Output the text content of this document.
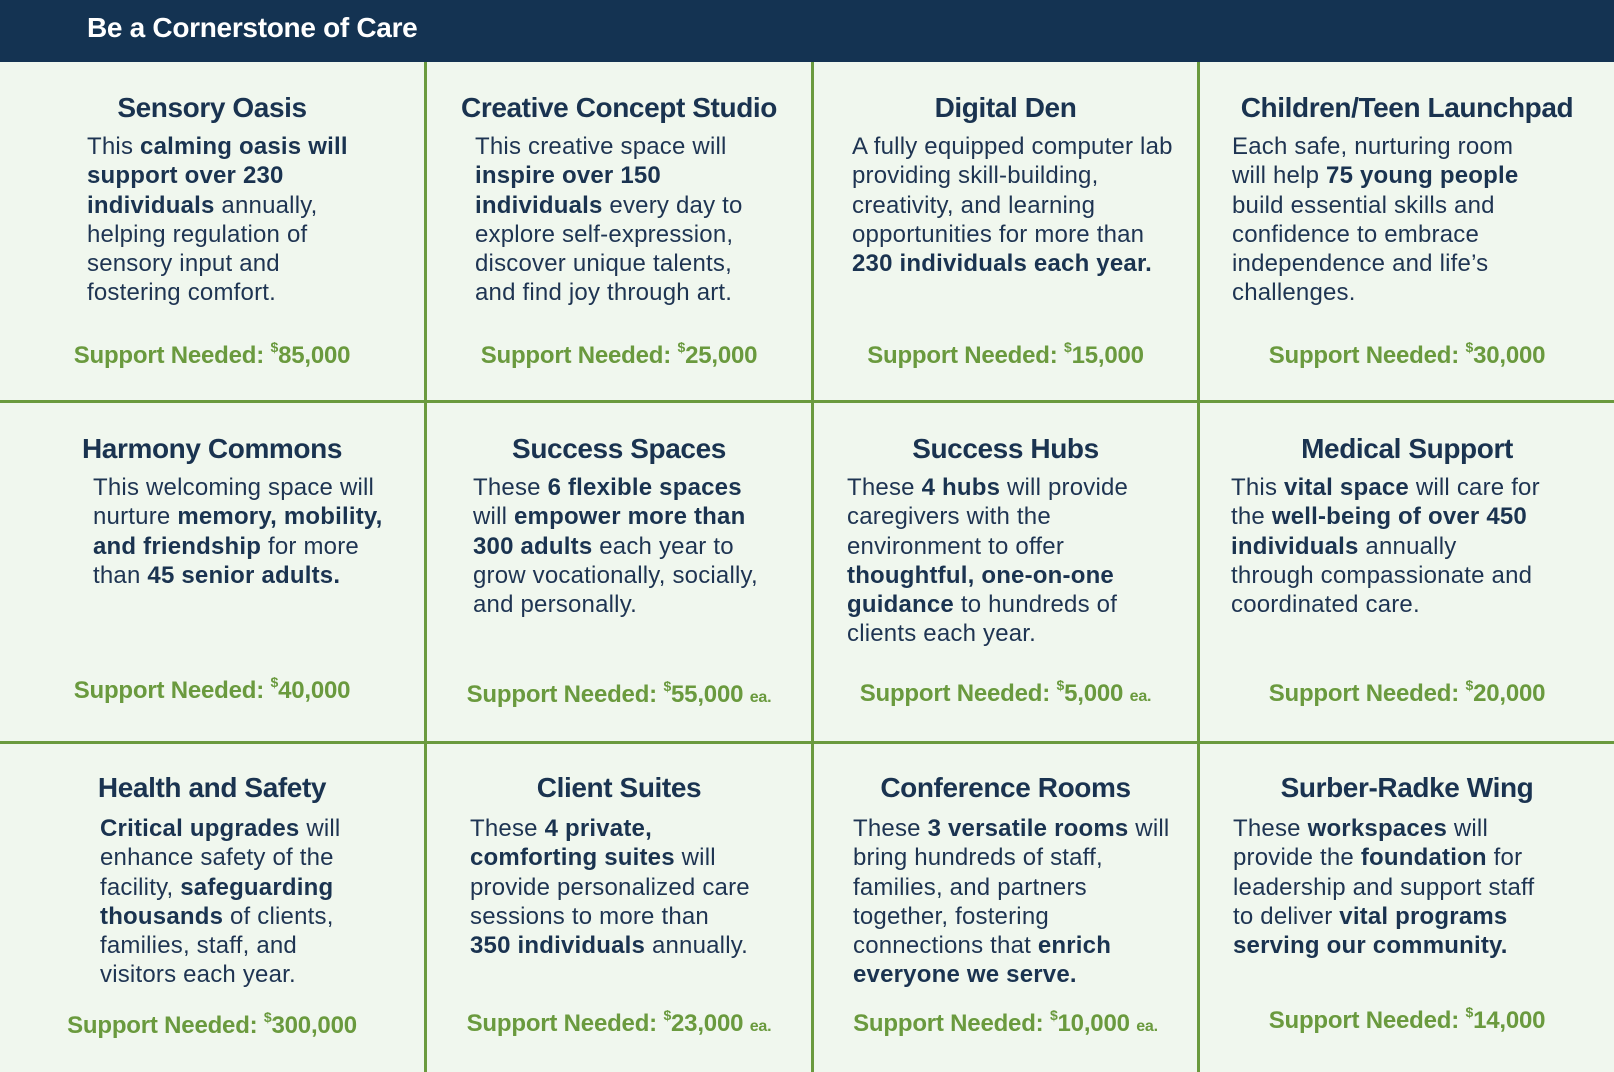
Be a Cornerstone of Care
Sensory Oasis
This calming oasis will support over 230 individuals annually, helping regulation of sensory input and fostering comfort.
Support Needed: $85,000
Creative Concept Studio
This creative space will inspire over 150 individuals every day to explore self-expression, discover unique talents, and find joy through art.
Support Needed: $25,000
Digital Den
A fully equipped computer lab providing skill-building, creativity, and learning opportunities for more than 230 individuals each year.
Support Needed: $15,000
Children/Teen Launchpad
Each safe, nurturing room will help 75 young people build essential skills and confidence to embrace independence and life’s challenges.
Support Needed: $30,000
Harmony Commons
This welcoming space will nurture memory, mobility, and friendship for more than 45 senior adults.
Support Needed: $40,000
Success Spaces
These 6 flexible spaces will empower more than 300 adults each year to grow vocationally, socially, and personally.
Support Needed: $55,000 ea.
Success Hubs
These 4 hubs will provide caregivers with the environment to offer thoughtful, one-on-one guidance to hundreds of clients each year.
Support Needed: $5,000 ea.
Medical Support
This vital space will care for the well-being of over 450 individuals annually through compassionate and coordinated care.
Support Needed: $20,000
Health and Safety
Critical upgrades will enhance safety of the facility, safeguarding thousands of clients, families, staff, and visitors each year.
Support Needed: $300,000
Client Suites
These 4 private, comforting suites will provide personalized care sessions to more than 350 individuals annually.
Support Needed: $23,000 ea.
Conference Rooms
These 3 versatile rooms will bring hundreds of staff, families, and partners together, fostering connections that enrich everyone we serve.
Support Needed: $10,000 ea.
Surber-Radke Wing
These workspaces will provide the foundation for leadership and support staff to deliver vital programs serving our community.
Support Needed: $14,000
